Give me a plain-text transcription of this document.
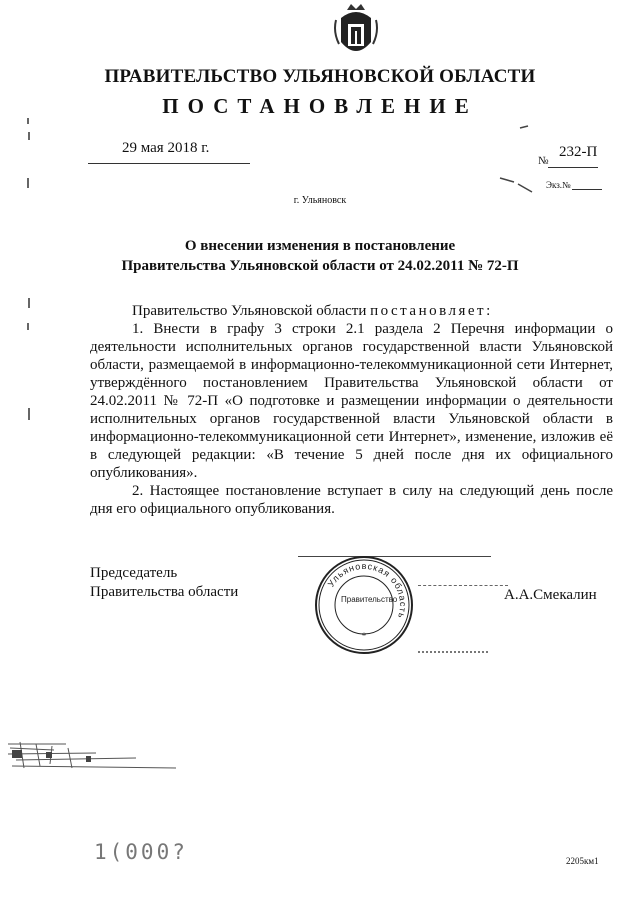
ПРАВИТЕЛЬСТВО УЛЬЯНОВСКОЙ ОБЛАСТИ
ПОСТАНОВЛЕНИЕ
29 мая 2018 г.
№
232-П
Экз.№
г. Ульяновск
О внесении изменения в постановление
Правительства Ульяновской области от 24.02.2011 № 72-П

Правительство Ульяновской области постановляет:

1. Внести в графу 3 строки 2.1 раздела 2 Перечня информации о деятельности исполнительных органов государственной власти Ульяновской области, размещаемой в информационно-телекоммуникационной сети Интернет, утверждённого постановлением Правительства Ульяновской области от 24.02.2011 № 72-П «О подготовке и размещении информации о деятельности исполнительных органов государственной власти Ульяновской области в информационно-телекоммуникационной сети Интернет», изменение, изложив её в следующей редакции: «В течение 5 дней после дня их официального опубликования».

2. Настоящее постановление вступает в силу на следующий день после дня его официального опубликования.

Председатель
Правительства области
Ульяновская область
*
Правительство	А.А.Смекалин
1(000?	2205км1
